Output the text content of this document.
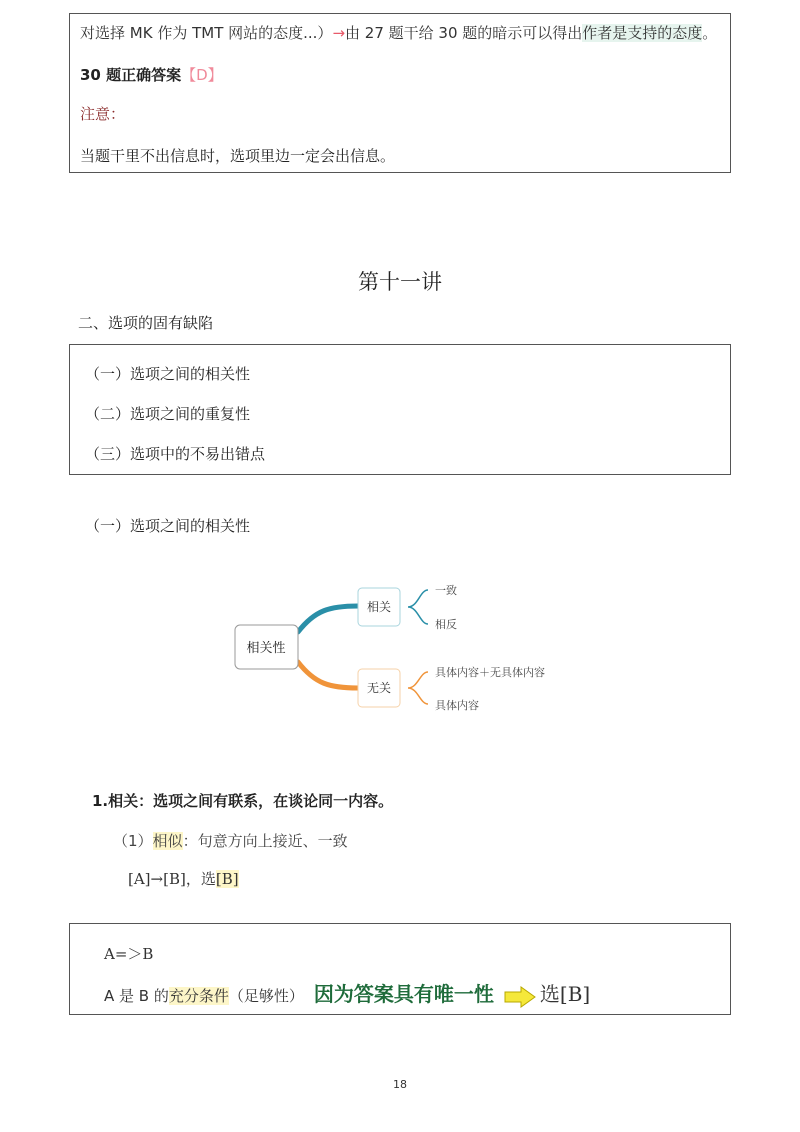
对选择 MK 作为 TMT 网站的态度...）→由 27 题干给 30 题的暗示可以得出作者是支持的态度。
30 题正确答案【D】
注意：
当题干里不出信息时，选项里边一定会出信息。
第十一讲
二、选项的固有缺陷
（一）选项之间的相关性
（二）选项之间的重复性
（三）选项中的不易出错点
（一）选项之间的相关性
相关性
相关
一致
相反
无关
具体内容＋无具体内容
具体内容
1.相关：选项之间有联系，在谈论同一内容。
（1）相似：句意方向上接近、一致
[A]→[B]，选[B]
A=＞B
A 是 B 的充分条件（足够性） 因为答案具有唯一性 选[B]
18
